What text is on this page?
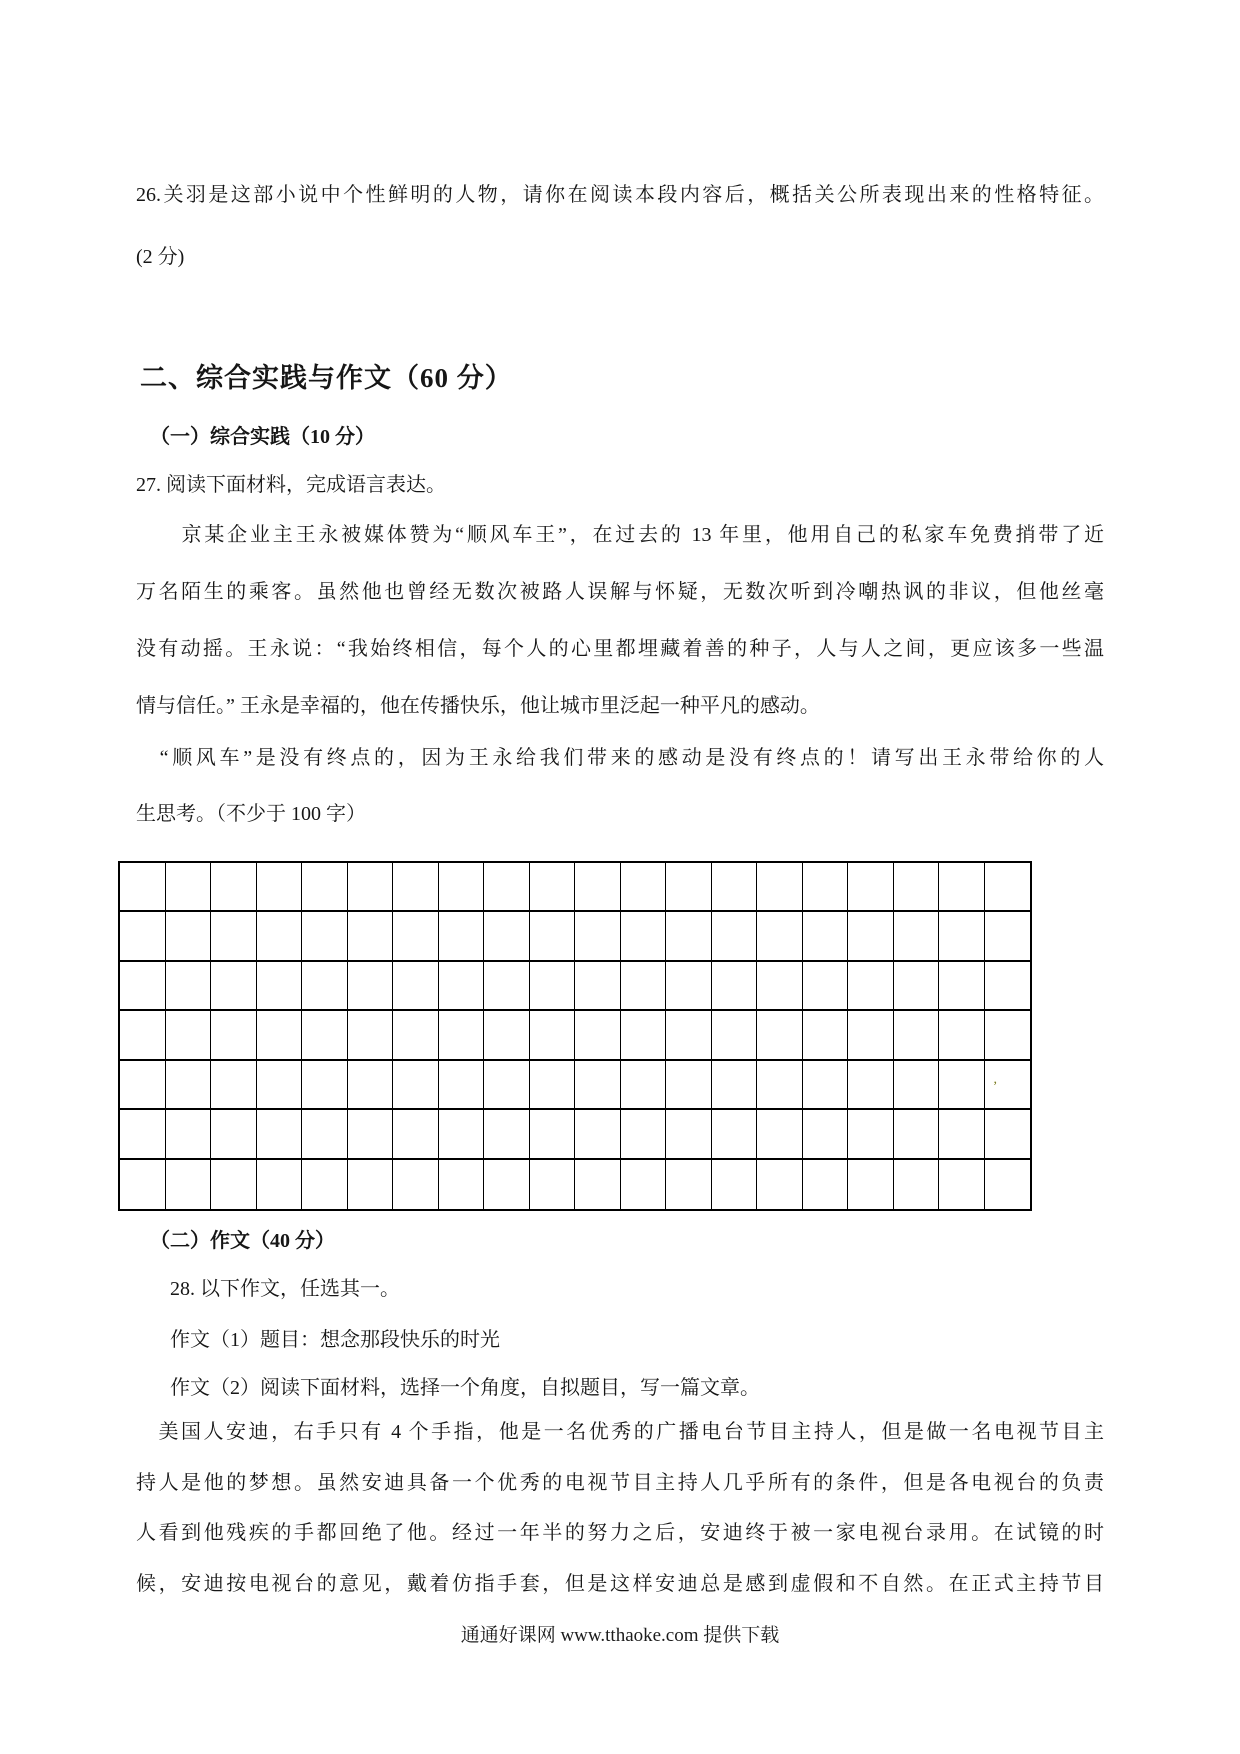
26.关羽是这部小说中个性鲜明的人物，请你在阅读本段内容后，概括关公所表现出来的性格特征。
(2 分)
二、综合实践与作文（60 分）
（一）综合实践（10 分）
27. 阅读下面材料，完成语言表达。
　　京某企业主王永被媒体赞为“顺风车王”，在过去的 13 年里，他用自己的私家车免费捎带了近
万名陌生的乘客。虽然他也曾经无数次被路人误解与怀疑，无数次听到冷嘲热讽的非议，但他丝毫
没有动摇。王永说：“我始终相信，每个人的心里都埋藏着善的种子，人与人之间，更应该多一些温
情与信任。” 王永是幸福的，他在传播快乐，他让城市里泛起一种平凡的感动。
　“顺风车”是没有终点的，因为王永给我们带来的感动是没有终点的！请写出王永带给你的人
生思考。（不少于 100 字）
,
（二）作文（40 分）
28. 以下作文，任选其一。
作文（1）题目：想念那段快乐的时光
作文（2）阅读下面材料，选择一个角度，自拟题目，写一篇文章。
　美国人安迪，右手只有 4 个手指，他是一名优秀的广播电台节目主持人，但是做一名电视节目主
持人是他的梦想。虽然安迪具备一个优秀的电视节目主持人几乎所有的条件，但是各电视台的负责
人看到他残疾的手都回绝了他。经过一年半的努力之后，安迪终于被一家电视台录用。在试镜的时
候，安迪按电视台的意见，戴着仿指手套，但是这样安迪总是感到虚假和不自然。在正式主持节目
通通好课网 www.tthaoke.com 提供下载
